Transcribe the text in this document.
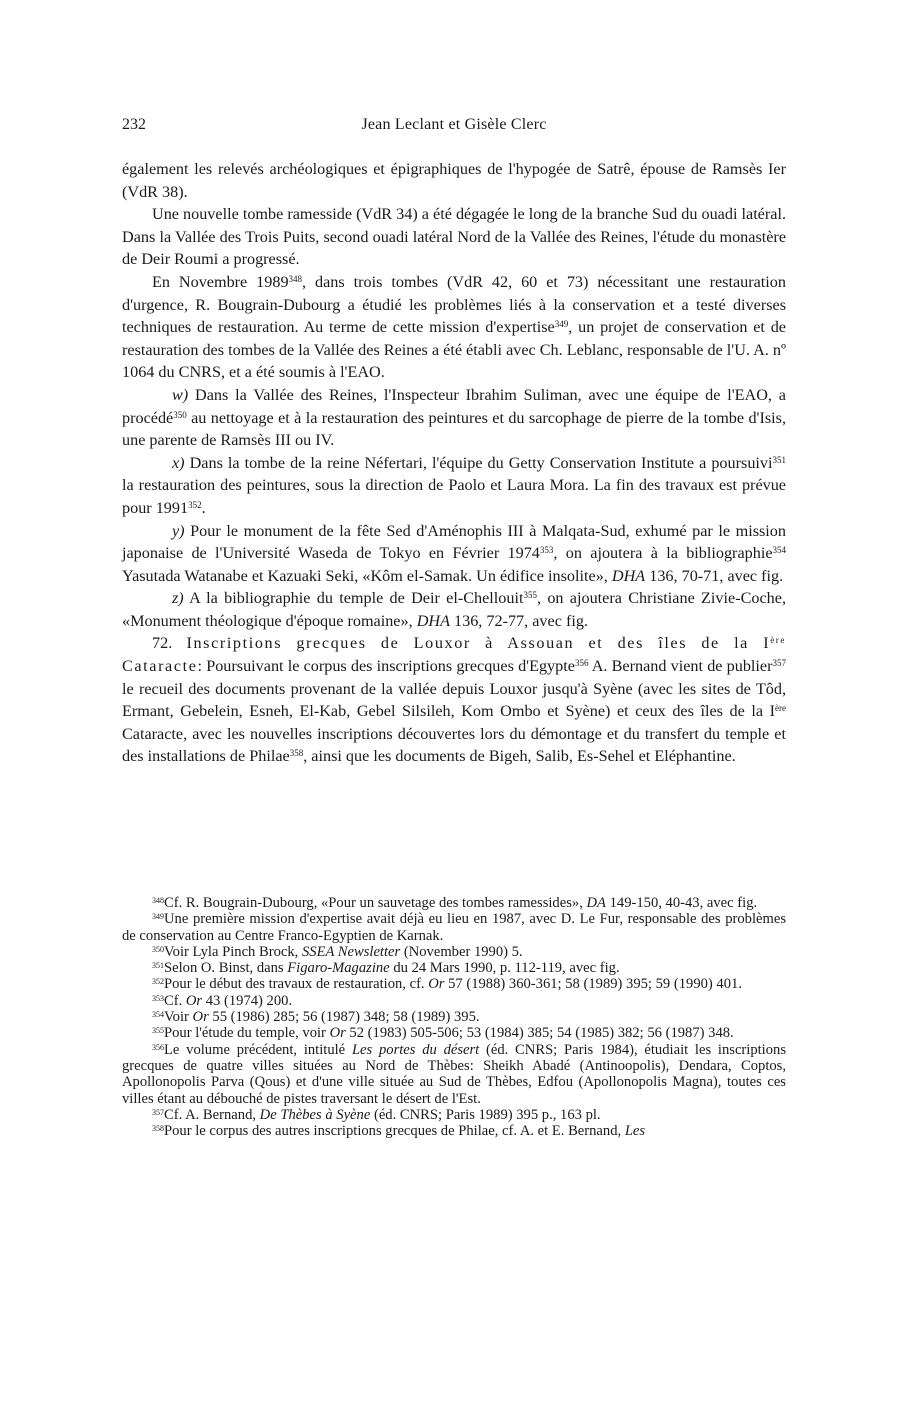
232	Jean Leclant et Gisèle Clerc

également les relevés archéologiques et épigraphiques de l'hypogée de Satrê, épouse de Ramsès Ier (VdR 38).

Une nouvelle tombe ramesside (VdR 34) a été dégagée le long de la branche Sud du ouadi latéral. Dans la Vallée des Trois Puits, second ouadi latéral Nord de la Vallée des Reines, l'étude du monastère de Deir Roumi a progressé.

En Novembre 1989$^{348}$, dans trois tombes (VdR 42, 60 et 73) nécessitant une restauration d'urgence, R. Bougrain-Dubourg a étudié les problèmes liés à la conservation et a testé diverses techniques de restauration. Au terme de cette mission d'expertise$^{349}$, un projet de conservation et de restauration des tombes de la Vallée des Reines a été établi avec Ch. Leblanc, responsable de l'U. A. nº 1064 du CNRS, et a été soumis à l'EAO.

w) Dans la Vallée des Reines, l'Inspecteur Ibrahim Suliman, avec une équipe de l'EAO, a procédé$^{350}$ au nettoyage et à la restauration des peintures et du sarcophage de pierre de la tombe d'Isis, une parente de Ramsès III ou IV.

x) Dans la tombe de la reine Néfertari, l'équipe du Getty Conservation Institute a poursuivi$^{351}$ la restauration des peintures, sous la direction de Paolo et Laura Mora. La fin des travaux est prévue pour 1991$^{352}$.

y) Pour le monument de la fête Sed d'Aménophis III à Malqata-Sud, exhumé par le mission japonaise de l'Université Waseda de Tokyo en Février 1974$^{353}$, on ajoutera à la bibliographie$^{354}$ Yasutada Watanabe et Kazuaki Seki, «Kôm el-Samak. Un édifice insolite», DHA 136, 70-71, avec fig.

z) A la bibliographie du temple de Deir el-Chellouit$^{355}$, on ajoutera Christiane Zivie-Coche, «Monument théologique d'époque romaine», DHA 136, 72-77, avec fig.

72. Inscriptions grecques de Louxor à Assouan et des îles de la Ière Cataracte: Poursuivant le corpus des inscriptions grecques d'Egypte$^{356}$ A. Bernand vient de publier$^{357}$ le recueil des documents provenant de la vallée depuis Louxor jusqu'à Syène (avec les sites de Tôd, Ermant, Gebelein, Esneh, El-Kab, Gebel Silsileh, Kom Ombo et Syène) et ceux des îles de la Ière Cataracte, avec les nouvelles inscriptions découvertes lors du démontage et du transfert du temple et des installations de Philae$^{358}$, ainsi que les documents de Bigeh, Salib, Es-Sehel et Eléphantine.

$^{348}$Cf. R. Bougrain-Dubourg, «Pour un sauvetage des tombes ramessides», DA 149-150, 40-43, avec fig.

$^{349}$Une première mission d'expertise avait déjà eu lieu en 1987, avec D. Le Fur, responsable des problèmes de conservation au Centre Franco-Egyptien de Karnak.

$^{350}$Voir Lyla Pinch Brock, SSEA Newsletter (November 1990) 5.

$^{351}$Selon O. Binst, dans Figaro-Magazine du 24 Mars 1990, p. 112-119, avec fig.

$^{352}$Pour le début des travaux de restauration, cf. Or 57 (1988) 360-361; 58 (1989) 395; 59 (1990) 401.

$^{353}$Cf. Or 43 (1974) 200.

$^{354}$Voir Or 55 (1986) 285; 56 (1987) 348; 58 (1989) 395.

$^{355}$Pour l'étude du temple, voir Or 52 (1983) 505-506; 53 (1984) 385; 54 (1985) 382; 56 (1987) 348.

$^{356}$Le volume précédent, intitulé Les portes du désert (éd. CNRS; Paris 1984), étudiait les inscriptions grecques de quatre villes situées au Nord de Thèbes: Sheikh Abadé (Antinoopolis), Dendara, Coptos, Apollonopolis Parva (Qous) et d'une ville située au Sud de Thèbes, Edfou (Apollonopolis Magna), toutes ces villes étant au débouché de pistes traversant le désert de l'Est.

$^{357}$Cf. A. Bernand, De Thèbes à Syène (éd. CNRS; Paris 1989) 395 p., 163 pl.

$^{358}$Pour le corpus des autres inscriptions grecques de Philae, cf. A. et E. Bernand, Les
